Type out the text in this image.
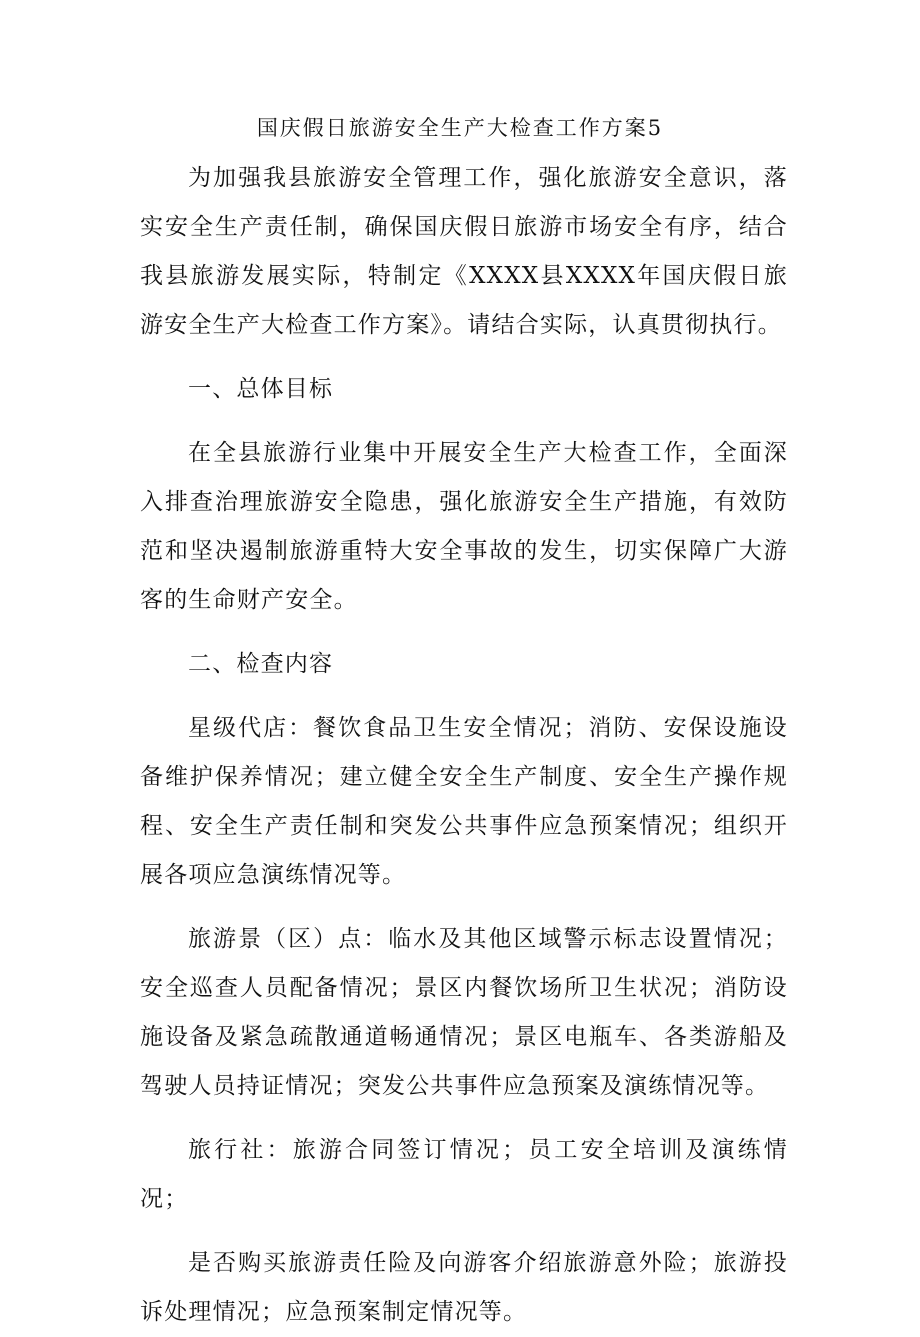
国庆假日旅游安全生产大检查工作方案5

为加强我县旅游安全管理工作，强化旅游安全意识，落实安全生产责任制，确保国庆假日旅游市场安全有序，结合我县旅游发展实际，特制定《XXXX县XXXX年国庆假日旅游安全生产大检查工作方案》。请结合实际，认真贯彻执行。

一、总体目标

在全县旅游行业集中开展安全生产大检查工作，全面深入排查治理旅游安全隐患，强化旅游安全生产措施，有效防范和坚决遏制旅游重特大安全事故的发生，切实保障广大游客的生命财产安全。

二、检查内容

星级代店：餐饮食品卫生安全情况；消防、安保设施设备维护保养情况；建立健全安全生产制度、安全生产操作规程、安全生产责任制和突发公共事件应急预案情况；组织开展各项应急演练情况等。

旅游景（区）点：临水及其他区域警示标志设置情况；安全巡查人员配备情况；景区内餐饮场所卫生状况；消防设施设备及紧急疏散通道畅通情况；景区电瓶车、各类游船及驾驶人员持证情况；突发公共事件应急预案及演练情况等。

旅行社：旅游合同签订情况；员工安全培训及演练情况；

是否购买旅游责任险及向游客介绍旅游意外险；旅游投诉处理情况；应急预案制定情况等。
